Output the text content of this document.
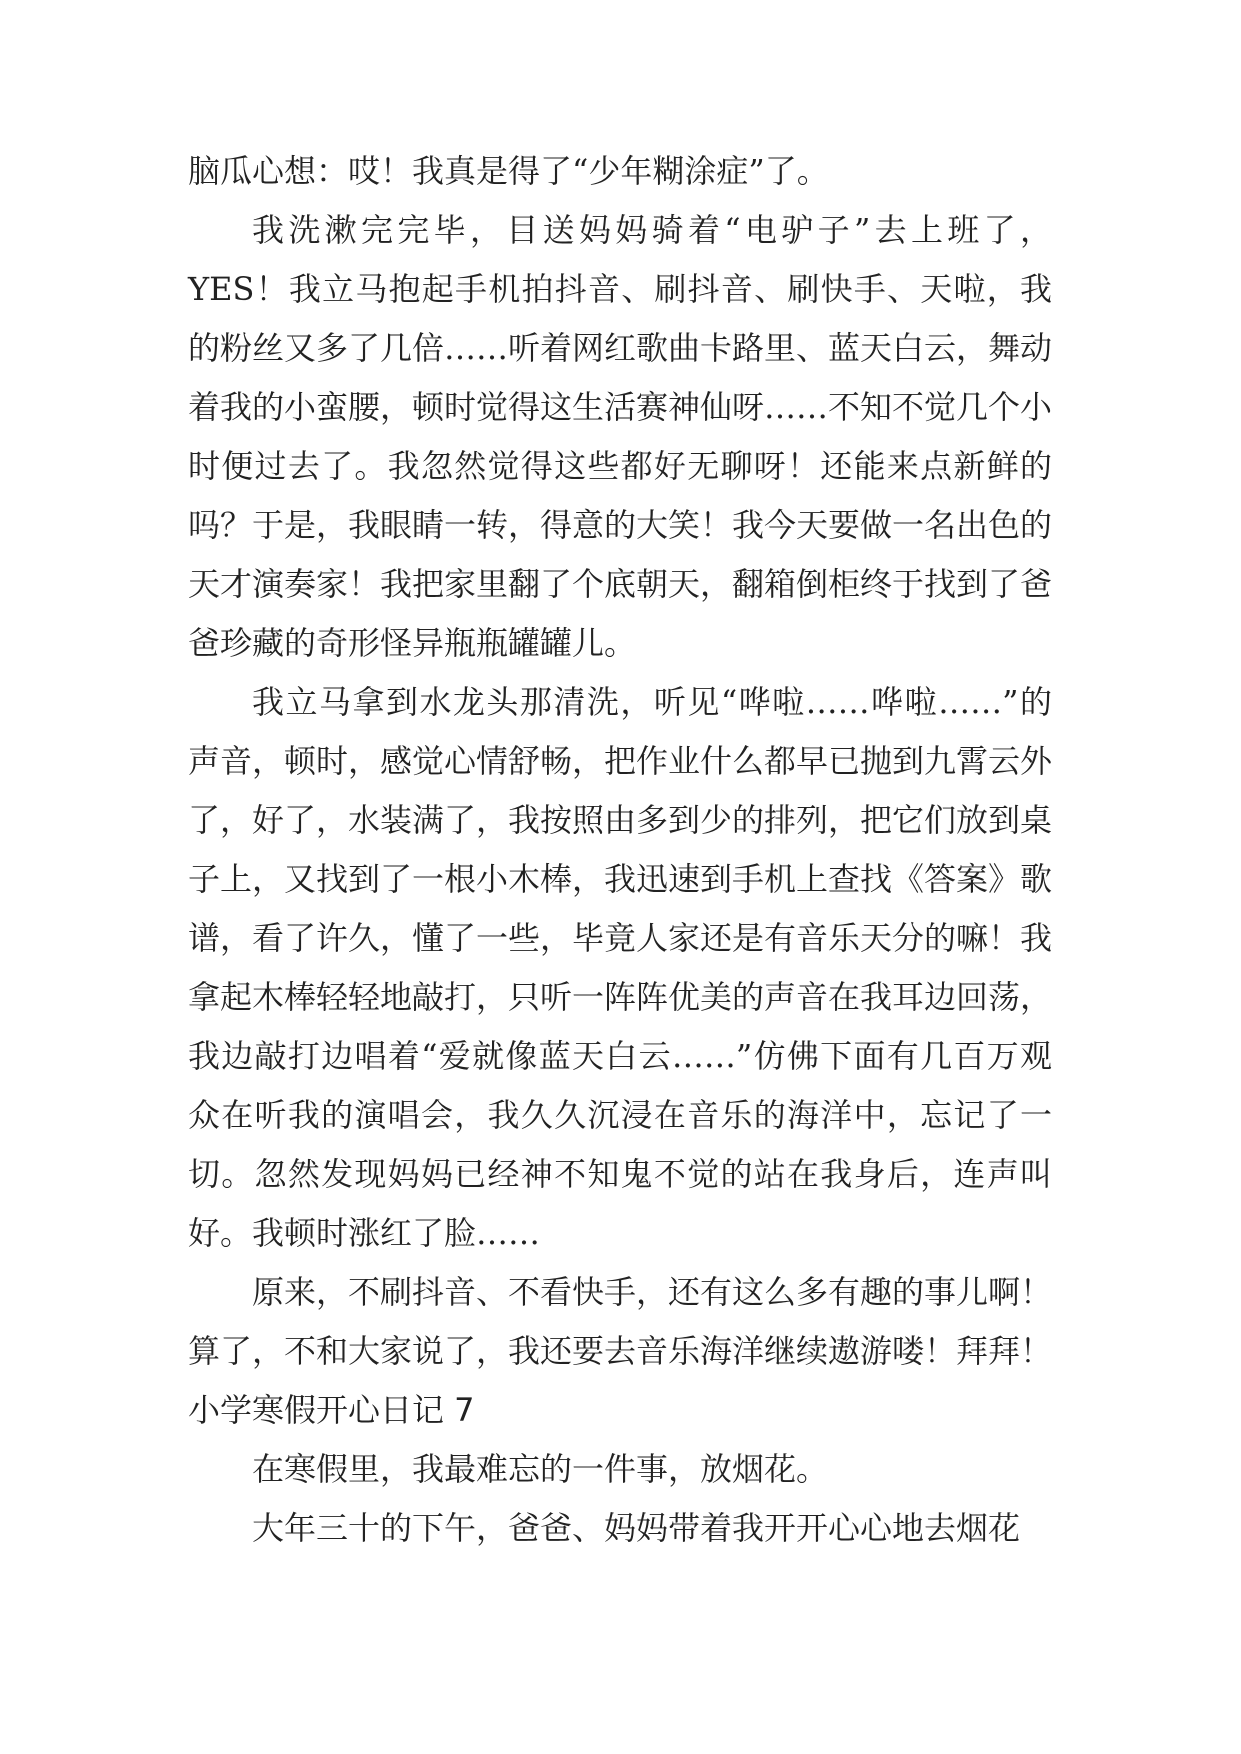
脑瓜心想：哎！我真是得了“少年糊涂症”了。

我洗漱完完毕，目送妈妈骑着“电驴子”去上班了，YES！我立马抱起手机拍抖音、刷抖音、刷快手、天啦，我的粉丝又多了几倍……听着网红歌曲卡路里、蓝天白云，舞动着我的小蛮腰，顿时觉得这生活赛神仙呀……不知不觉几个小时便过去了。我忽然觉得这些都好无聊呀！还能来点新鲜的吗？于是，我眼睛一转，得意的大笑！我今天要做一名出色的天才演奏家！我把家里翻了个底朝天，翻箱倒柜终于找到了爸爸珍藏的奇形怪异瓶瓶罐罐儿。

我立马拿到水龙头那清洗，听见“哗啦……哗啦……”的声音，顿时，感觉心情舒畅，把作业什么都早已抛到九霄云外了，好了，水装满了，我按照由多到少的排列，把它们放到桌子上，又找到了一根小木棒，我迅速到手机上查找《答案》歌谱，看了许久，懂了一些，毕竟人家还是有音乐天分的嘛！我拿起木棒轻轻地敲打，只听一阵阵优美的声音在我耳边回荡，我边敲打边唱着“爱就像蓝天白云……”仿佛下面有几百万观众在听我的演唱会，我久久沉浸在音乐的海洋中，忘记了一切。忽然发现妈妈已经神不知鬼不觉的站在我身后，连声叫好。我顿时涨红了脸……

原来，不刷抖音、不看快手，还有这么多有趣的事儿啊！算了，不和大家说了，我还要去音乐海洋继续遨游喽！拜拜！

小学寒假开心日记 7

在寒假里，我最难忘的一件事，放烟花。

大年三十的下午，爸爸、妈妈带着我开开心心地去烟花
